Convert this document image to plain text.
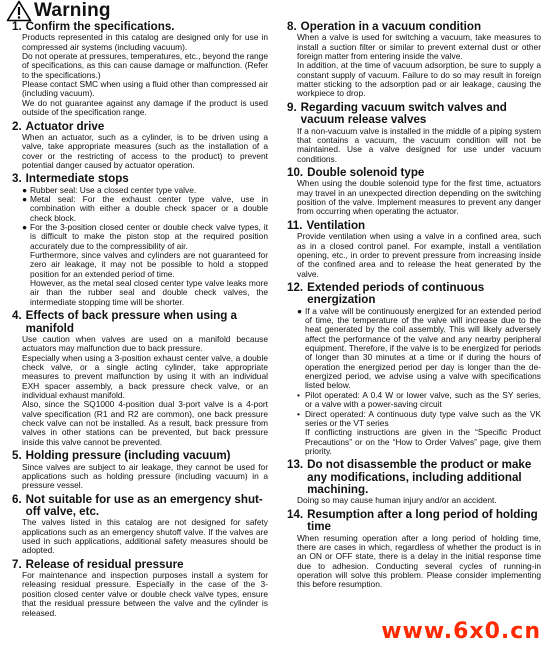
Warning
1. Confirm the specifications.
Products represented in this catalog are designed only for use in compressed air systems (including vacuum).
Do not operate at pressures, temperatures, etc., beyond the range of specifications, as this can cause damage or malfunction. (Refer to the specifications.)
Please contact SMC when using a fluid other than compressed air (including vacuum).
We do not guarantee against any damage if the product is used outside of the specification range.
2. Actuator drive
When an actuator, such as a cylinder, is to be driven using a valve, take appropriate measures (such as the installation of a cover or the restricting of access to the product) to prevent potential danger caused by actuator operation.
3. Intermediate stops
● Rubber seal: Use a closed center type valve.
● Metal seal: For the exhaust center type valve, use in combination with either a double check spacer or a double check block.
● For the 3-position closed center or double check valve types, it is difficult to make the piston stop at the required position accurately due to the compressibility of air.
Furthermore, since valves and cylinders are not guaranteed for zero air leakage, it may not be possible to hold a stopped position for an extended period of time.
However, as the metal seal closed center type valve leaks more air than the rubber seal and double check valves, the intermediate stopping time will be shorter.
4. Effects of back pressure when using a manifold
Use caution when valves are used on a manifold because actuators may malfunction due to back pressure.
Especially when using a 3-position exhaust center valve, a double check valve, or a single acting cylinder, take appropriate measures to prevent malfunction by using it with an individual EXH spacer assembly, a back pressure check valve, or an individual exhaust manifold.
Also, since the SQ1000 4-position dual 3-port valve is a 4-port valve specification (R1 and R2 are common), one back pressure check valve can not be installed. As a result, back pressure from valves in other stations can be prevented, but back pressure inside this valve cannot be prevented.
5. Holding pressure (including vacuum)
Since valves are subject to air leakage, they cannot be used for applications such as holding pressure (including vacuum) in a pressure vessel.
6. Not suitable for use as an emergency shut-off valve, etc.
The valves listed in this catalog are not designed for safety applications such as an emergency shutoff valve. If the valves are used in such applications, additional safety measures should be adopted.
7. Release of residual pressure
For maintenance and inspection purposes install a system for releasing residual pressure. Especially in the case of the 3-position closed center valve or double check valve types, ensure that the residual pressure between the valve and the cylinder is released.
8. Operation in a vacuum condition
When a valve is used for switching a vacuum, take measures to install a suction filter or similar to prevent external dust or other foreign matter from entering inside the valve.
In addition, at the time of vacuum adsorption, be sure to supply a constant supply of vacuum. Failure to do so may result in foreign matter sticking to the adsorption pad or air leakage, causing the workpiece to drop.
9. Regarding vacuum switch valves and vacuum release valves
If a non-vacuum valve is installed in the middle of a piping system that contains a vacuum, the vacuum condition will not be maintained. Use a valve designed for use under vacuum conditions.
10. Double solenoid type
When using the double solenoid type for the first time, actuators may travel in an unexpected direction depending on the switching position of the valve. Implement measures to prevent any danger from occurring when operating the actuator.
11. Ventilation
Provide ventilation when using a valve in a confined area, such as in a closed control panel. For example, install a ventilation opening, etc., in order to prevent pressure from increasing inside of the confined area and to release the heat generated by the valve.
12. Extended periods of continuous energization
● If a valve will be continuously energized for an extended period of time, the temperature of the valve will increase due to the heat generated by the coil assembly. This will likely adversely affect the performance of the valve and any nearby peripheral equipment. Therefore, if the valve is to be energized for periods of longer than 30 minutes at a time or if during the hours of operation the energized period per day is longer than the de-energized period, we advise using a valve with specifications listed below.
• Pilot operated: A 0.4 W or lower valve, such as the SY series, or a valve with a power-saving circuit
• Direct operated: A continuous duty type valve such as the VK series or the VT series
If conflicting instructions are given in the “Specific Product Precautions” or on the “How to Order Valves” page, give them priority.
13. Do not disassemble the product or make any modifications, including additional machining.
Doing so may cause human injury and/or an accident.
14. Resumption after a long period of holding time
When resuming operation after a long period of holding time, there are cases in which, regardless of whether the product is in an ON or OFF state, there is a delay in the initial response time due to adhesion. Conducting several cycles of running-in operation will solve this problem. Please consider implementing this before resumption.
www.6x0.cn
